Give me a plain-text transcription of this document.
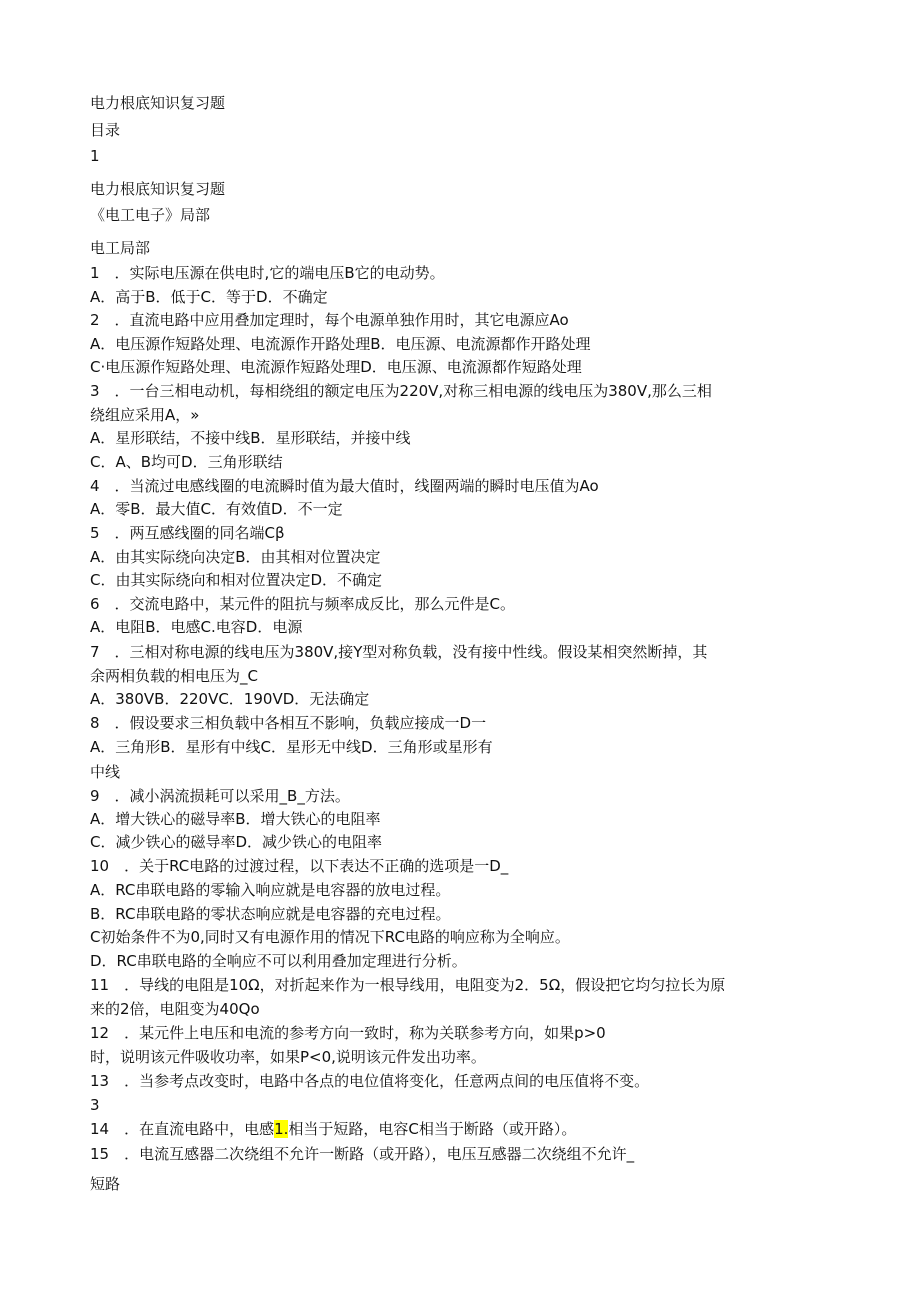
电力根底知识复习题
目录
1
电力根底知识复习题
《电工电子》局部
电工局部
1　．实际电压源在供电时,它的端电压B它的电动势。
A．高于B．低于C．等于D．不确定
2　．直流电路中应用叠加定理时，每个电源单独作用时，其它电源应Ao
A．电压源作短路处理、电流源作开路处理B．电压源、电流源都作开路处理
C·电压源作短路处理、电流源作短路处理D．电压源、电流源都作短路处理
3　．一台三相电动机，每相绕组的额定电压为220V,对称三相电源的线电压为380V,那么三相
绕组应采用A，»
A．星形联结，不接中线B．星形联结，并接中线
C．A、B均可D．三角形联结
4　．当流过电感线圈的电流瞬时值为最大值时，线圈两端的瞬时电压值为Ao
A．零B．最大值C．有效值D．不一定
5　．两互感线圈的同名端Cβ
A．由其实际绕向决定B．由其相对位置决定
C．由其实际绕向和相对位置决定D．不确定
6　．交流电路中，某元件的阻抗与频率成反比，那么元件是C。
A．电阻B．电感C.电容D．电源
7　．三相对称电源的线电压为380V,接Y型对称负载，没有接中性线。假设某相突然断掉，其
余两相负载的相电压为_C
A．380VB．220VC．190VD．无法确定
8　．假设要求三相负载中各相互不影响，负载应接成一D一
A．三角形B．星形有中线C．星形无中线D．三角形或星形有
中线
9　．减小涡流损耗可以采用_B_方法。
A．增大铁心的磁导率B．增大铁心的电阻率
C．减少铁心的磁导率D．减少铁心的电阻率
10　．关于RC电路的过渡过程，以下表达不正确的选项是一D_
A．RC串联电路的零输入响应就是电容器的放电过程。
B．RC串联电路的零状态响应就是电容器的充电过程。
C初始条件不为0,同时又有电源作用的情况下RC电路的响应称为全响应。
D．RC串联电路的全响应不可以利用叠加定理进行分析。
11　．导线的电阻是10Ω，对折起来作为一根导线用，电阻变为2．5Ω，假设把它均匀拉长为原
来的2倍，电阻变为40Qo
12　．某元件上电压和电流的参考方向一致时，称为关联参考方向，如果p>0
时，说明该元件吸收功率，如果P<0,说明该元件发出功率。
13　．当参考点改变时，电路中各点的电位值将变化，任意两点间的电压值将不变。
3
14　．在直流电路中，电感1.相当于短路，电容C相当于断路（或开路）。
15　．电流互感器二次绕组不允许一断路（或开路），电压互感器二次绕组不允许_
短路
